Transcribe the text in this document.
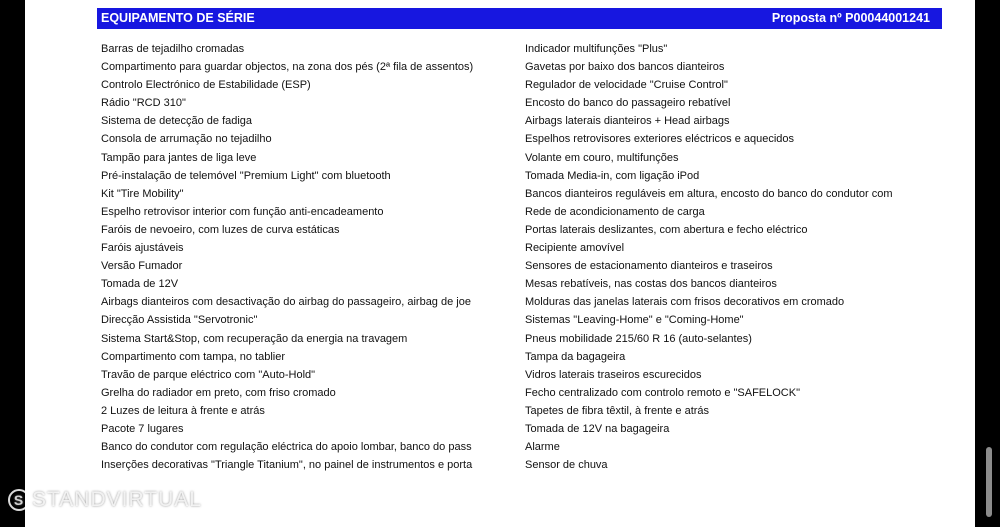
EQUIPAMENTO DE SÉRIE	Proposta nº P00044001241
Barras de tejadilho cromadas
Compartimento para guardar objectos, na zona dos pés (2ª fila de assentos)
Controlo Electrónico de Estabilidade (ESP)
Rádio "RCD 310"
Sistema de detecção de fadiga
Consola de arrumação no tejadilho
Tampão para jantes de liga leve
Pré-instalação de telemóvel "Premium Light" com bluetooth
Kit "Tire Mobility"
Espelho retrovisor interior com função anti-encadeamento
Faróis de nevoeiro, com luzes de curva estáticas
Faróis ajustáveis
Versão Fumador
Tomada de 12V
Airbags dianteiros com desactivação do airbag do passageiro, airbag de joe
Direcção Assistida "Servotronic"
Sistema Start&Stop, com recuperação da energia na travagem
Compartimento com tampa, no tablier
Travão de parque eléctrico com "Auto-Hold"
Grelha do radiador em preto, com friso cromado
2 Luzes de leitura à frente e atrás
Pacote 7 lugares
Banco do condutor com regulação eléctrica do apoio lombar, banco do pass
Inserções decorativas "Triangle Titanium", no painel de instrumentos e porta
Indicador multifunções "Plus"
Gavetas por baixo dos bancos dianteiros
Regulador de velocidade "Cruise Control"
Encosto do banco do passageiro rebatível
Airbags laterais dianteiros + Head airbags
Espelhos retrovisores exteriores eléctricos e aquecidos
Volante em couro, multifunções
Tomada Media-in, com ligação iPod
Bancos dianteiros reguláveis em altura, encosto do banco do condutor com
Rede de acondicionamento de carga
Portas laterais deslizantes, com abertura e fecho eléctrico
Recipiente amovível
Sensores de estacionamento dianteiros e traseiros
Mesas rebatíveis, nas costas dos bancos dianteiros
Molduras das janelas laterais com frisos decorativos em cromado
Sistemas "Leaving-Home" e "Coming-Home"
Pneus mobilidade 215/60 R 16 (auto-selantes)
Tampa da bagageira
Vidros laterais traseiros escurecidos
Fecho centralizado com controlo remoto e "SAFELOCK"
Tapetes de fibra têxtil, à frente e atrás
Tomada de 12V na bagageira
Alarme
Sensor de chuva
S STANDVIRTUAL
